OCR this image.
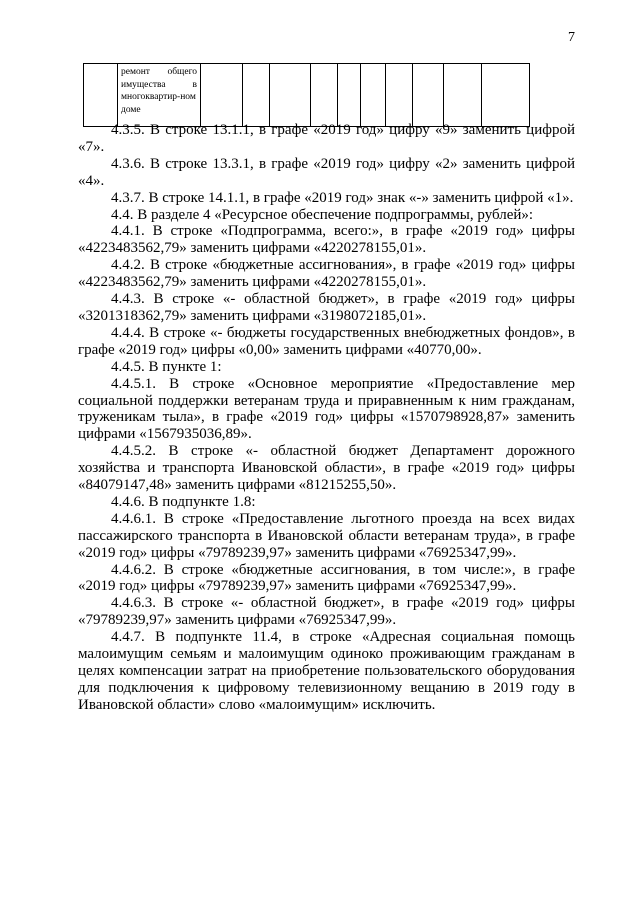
7
	ремонт общего имущества в многоквартир-ном доме										

4.3.5. В строке 13.1.1, в графе «2019 год» цифру «9» заменить цифрой «7».

4.3.6. В строке 13.3.1, в графе «2019 год» цифру «2» заменить цифрой «4».

4.3.7. В строке 14.1.1, в графе «2019 год» знак «-» заменить цифрой «1».

4.4. В разделе 4 «Ресурсное обеспечение подпрограммы, рублей»:

4.4.1. В строке «Подпрограмма, всего:», в графе «2019 год» цифры «4223483562,79» заменить цифрами «4220278155,01».

4.4.2. В строке «бюджетные ассигнования», в графе «2019 год» цифры «4223483562,79» заменить цифрами «4220278155,01».

4.4.3. В строке «- областной бюджет», в графе «2019 год» цифры «3201318362,79» заменить цифрами «3198072185,01».

4.4.4. В строке «- бюджеты государственных внебюджетных фондов», в графе «2019 год» цифры «0,00» заменить цифрами «40770,00».

4.4.5. В пункте 1:

4.4.5.1. В строке «Основное мероприятие «Предоставление мер социальной поддержки ветеранам труда и приравненным к ним гражданам, труженикам тыла», в графе «2019 год» цифры «1570798928,87» заменить цифрами «1567935036,89».

4.4.5.2. В строке «- областной бюджет Департамент дорожного хозяйства и транспорта Ивановской области», в графе «2019 год» цифры «84079147,48» заменить цифрами «81215255,50».

4.4.6. В подпункте 1.8:

4.4.6.1. В строке «Предоставление льготного проезда на всех видах пассажирского транспорта в Ивановской области ветеранам труда», в графе «2019 год» цифры «79789239,97» заменить цифрами «76925347,99».

4.4.6.2. В строке «бюджетные ассигнования, в том числе:», в графе «2019 год» цифры «79789239,97» заменить цифрами «76925347,99».

4.4.6.3. В строке «- областной бюджет», в графе «2019 год» цифры «79789239,97» заменить цифрами «76925347,99».

4.4.7. В подпункте 11.4, в строке «Адресная социальная помощь малоимущим семьям и малоимущим одиноко проживающим гражданам в целях компенсации затрат на приобретение пользовательского оборудования для подключения к цифровому телевизионному вещанию в 2019 году в Ивановской области» слово «малоимущим» исключить.
